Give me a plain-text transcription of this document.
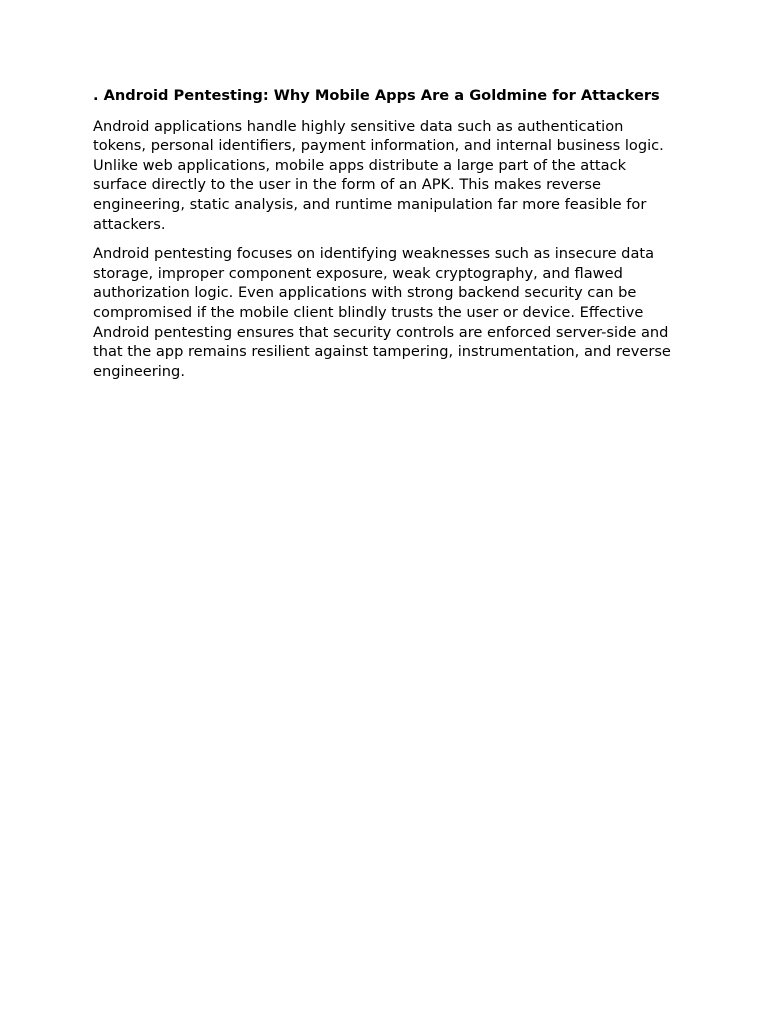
. Android Pentesting: Why Mobile Apps Are a Goldmine for Attackers

Android applications handle highly sensitive data such as authentication tokens, personal identifiers, payment information, and internal business logic. Unlike web applications, mobile apps distribute a large part of the attack surface directly to the user in the form of an APK. This makes reverse engineering, static analysis, and runtime manipulation far more feasible for attackers.

Android pentesting focuses on identifying weaknesses such as insecure data storage, improper component exposure, weak cryptography, and flawed authorization logic. Even applications with strong backend security can be compromised if the mobile client blindly trusts the user or device. Effective Android pentesting ensures that security controls are enforced server-side and that the app remains resilient against tampering, instrumentation, and reverse engineering.
